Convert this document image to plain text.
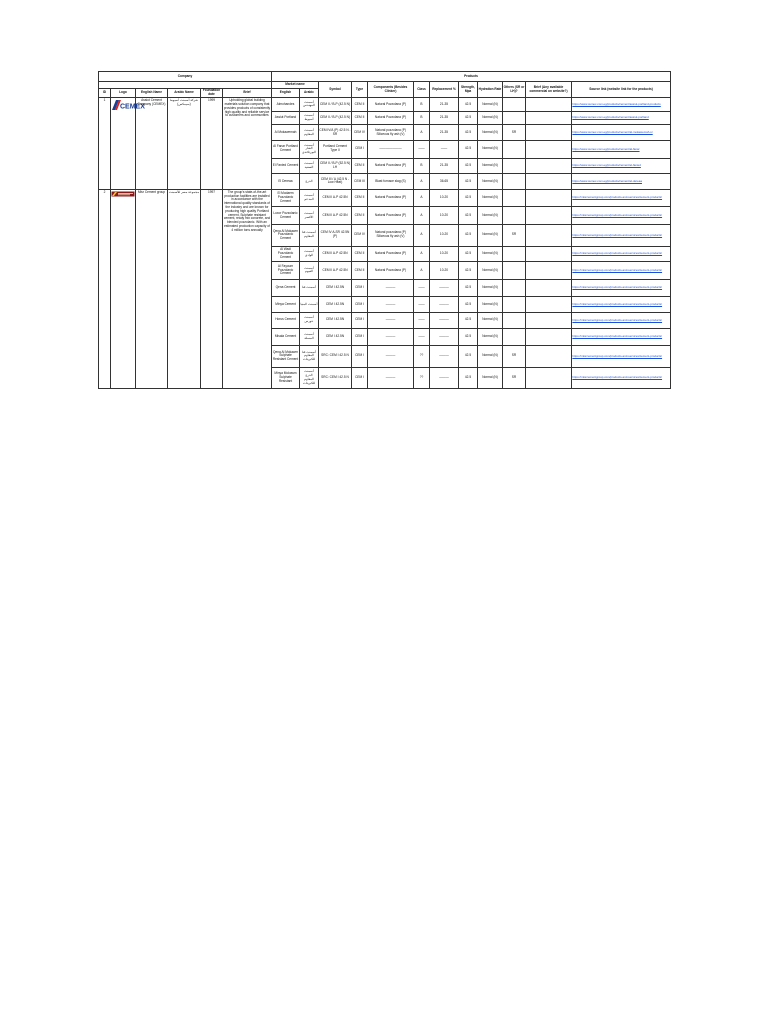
Company						Products											
						Market name		Symbol	Type	Components (Besides Clinker)	Class	Replacement %	Strength, Mpa	Hydration Rate	Others (SR or LH)?	Brief (Any available commercial on website?)	Source link (website link for the products)
ID	Logo	English Name	Arabic Name	Foundation date	Brief	English	Arabic										
1	CEMEX	Assiut Cement Company (CEMEX)	شركة أسمنت أسيوط (سيمكس)	1999	Upholding global building materials solution company that provides products of consistently high quality and reliable service to customers and communities	Almohandes	أسمنت المهندس	CEM II / B-P (42.5 N)	CEM II	Natural Pozzolana (P)	B	21-35	42.5	Normal (N)			https://www.cemex.com.eg/products/cement/assiut-portland-products
						Assiut Portland	أسمنت أسيوط	CEM II / B-P (42.5 N)	CEM II	Natural Pozzolana (P)	B	21-35	42.5	Normal (N)			https://www.cemex.com.eg/products/cement/assiut-portland
						Al Mokawemah	أسمنت المقاوم	CEM IV/A (P) 42.5 N - SR	CEM IV	Natural pozzolana (P) Siliceous fly ash (V)	A	21-35	42.5	Normal (N)	SR		https://www.cemex.com.eg/products/cement/al-mokawemah-sr
						Al Fanar Portland Cement	أسمنت الفنار البورتلاندي	Portland Cement Type II	CEM I	———————	——	——	42.5	Normal (N)			https://www.cemex.com.eg/products/cement/al-fanar
						El Fanied Cement	أسمنت الصعيد	CEM II / B-P (52.5 N) LH	CEM II	Natural Pozzolana (P)	B	21-35	42.5	Normal (N)			https://www.cemex.com.eg/products/cement/el-fanied
						El Dereaa	الدرع	CEM III / A (42.5 N - Low Heat)	CEM III	Blast furnace slag (S)	A	36-65	42.5	Normal (N)			https://www.cemex.com.eg/products/cement/el-dereaa
2		Misr Cement group	مجموعة مصر للأسمنت	1997	The group's state-of-the-art production facilities are installed in accordance with the international quality standards of the industry and are known for producing high quality Portland cement, Sulphate resistant cement, ready mix concrete, and blended pozzolanic. With an estimated production capacity of 4 million tons annually	El Modaem Pozzolanic Cement	أسمنت المدعم	CEM II A-P 42.5N	CEM II	Natural Pozzolana (P)	A	10-20	42.5	Normal (N)			https://misrcementgroup.com/products-and-services/cement-products/
						Luxor Pozzolanic Cement	أسمنت الأقصر	CEM II A-P 42.5N	CEM II	Natural Pozzolana (P)	A	10-20	42.5	Normal (N)			https://misrcementgroup.com/products-and-services/cement-products/
						Qena Al Mokawm Pozzolanic Cement	أسمنت قنا المقاوم	CEM IV A-SR 42.5N (P)	CEM IV	Natural pozzolana (P) Siliceous fly ash (V)	A	10-20	42.5	Normal (N)	SR		https://misrcementgroup.com/products-and-services/cement-products/
						Al Wadi Pozzolanic Cement	أسمنت الوادي	CEM II A-P 42.5N	CEM II	Natural Pozzolana (P)	A	10-20	42.5	Normal (N)			https://misrcementgroup.com/products-and-services/cement-products/
						Al Fayoum Pozzolanic Cement	أسمنت الفيوم	CEM II A-P 42.5N	CEM II	Natural Pozzolana (P)	A	10-20	42.5	Normal (N)			https://misrcementgroup.com/products-and-services/cement-products/
						Qena Cement	أسمنت قنا	CEM I 42.5N	CEM I	———	——	———	42.5	Normal (N)			https://misrcementgroup.com/products-and-services/cement-products/
						Minya Cement	أسمنت المنيا	CEM I 42.5N	CEM I	———	——	———	42.5	Normal (N)			https://misrcementgroup.com/products-and-services/cement-products/
						Horus Cement	أسمنت حورس	CEM I 42.5N	CEM I	———	——	———	42.5	Normal (N)			https://misrcementgroup.com/products-and-services/cement-products/
						Misala Cement	أسمنت المسلة	CEM I 42.5N	CEM I	———	——	———	42.5	Normal (N)			https://misrcementgroup.com/products-and-services/cement-products/
						Qena Al Mokawm Sulphate Resistant Cement	أسمنت قنا المقاوم للكبريتات	SRC: CEM I 42.5 N	CEM I	———	??	———	42.5	Normal (N)	SR		https://misrcementgroup.com/products-and-services/cement-products/
						Minya Mokawm Sulphate Resistant	أسمنت الدرع المقاوم للكبريتات	SRC: CEM I 42.5 N	CEM I	———	??	———	42.5	Normal (N)	SR		https://misrcementgroup.com/products-and-services/cement-products/
